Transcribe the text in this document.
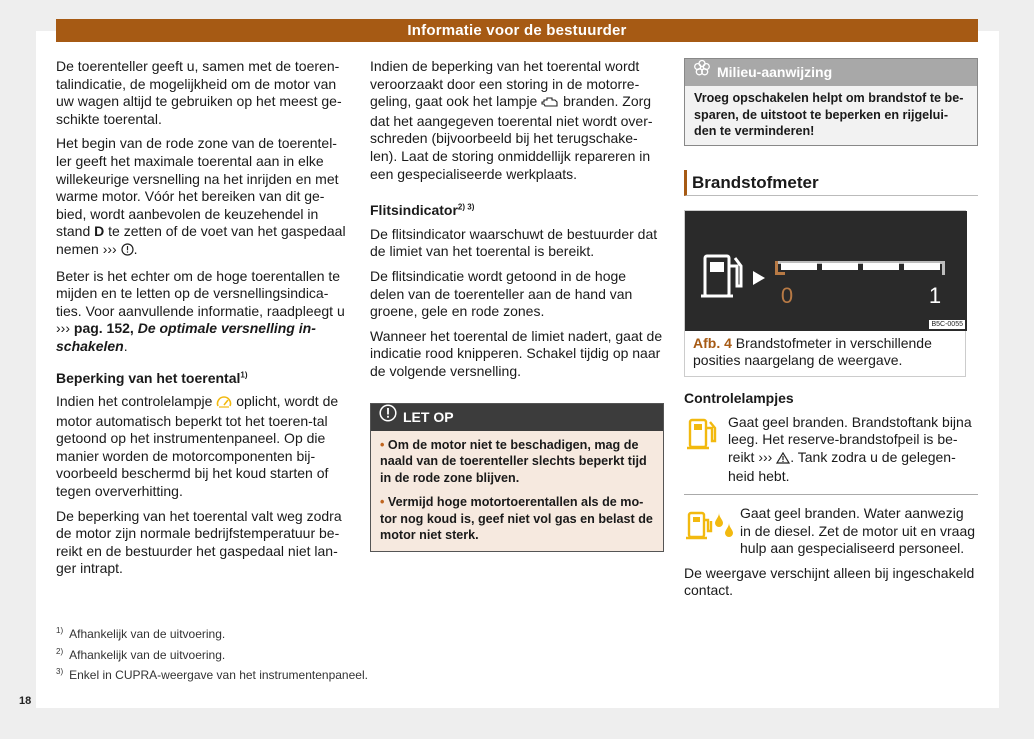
Informatie voor de bestuurder

De toerenteller geeft u, samen met de toeren-talindicatie, de mogelijkheid om de motor van uw wagen altijd te gebruiken op het meest ge-schikte toerental.

Het begin van de rode zone van de toerentel-ler geeft het maximale toerental aan in elke willekeurige versnelling na het inrijden en met warme motor. Vóór het bereiken van dit ge-bied, wordt aanbevolen de keuzehendel in stand D te zetten of de voet van het gaspedaal nemen ››› .

Beter is het echter om de hoge toerentallen te mijden en te letten op de versnellingsindica-ties. Voor aanvullende informatie, raadpleegt u ››› pag. 152, De optimale versnelling in-schakelen.

Beperking van het toerental$^{1)}$

Indien het controlelampje  oplicht, wordt de motor automatisch beperkt tot het toeren-tal getoond op het instrumentenpaneel. Op die manier worden de motorcomponenten bij-voorbeeld beschermd bij het koud starten of tegen oververhitting.

De beperking van het toerental valt weg zodra de motor zijn normale bedrijfstemperatuur be-reikt en de bestuurder het gaspedaal niet lan-ger intrapt.

Indien de beperking van het toerental wordt veroorzaakt door een storing in de motorre-geling, gaat ook het lampje  branden. Zorg dat het aangegeven toerental niet wordt over-schreden (bijvoorbeeld bij het terugschake-len). Laat de storing onmiddellijk repareren in een gespecialiseerde werkplaats.

Flitsindicator$^{2) 3)}$

De flitsindicator waarschuwt de bestuurder dat de limiet van het toerental is bereikt.

De flitsindicatie wordt getoond in de hoge delen van de toerenteller aan de hand van groene, gele en rode zones.

Wanneer het toerental de limiet nadert, gaat de indicatie rood knipperen. Schakel tijdig op naar de volgende versnelling.

LET OP
• Om de motor niet te beschadigen, mag de naald van de toerenteller slechts beperkt tijd in de rode zone blijven.
• Vermijd hoge motortoerentallen als de mo-tor nog koud is, geef niet vol gas en belast de motor niet sterk.
Milieu-aanwijzing
Vroeg opschakelen helpt om brandstof te be-sparen, de uitstoot te beperken en rijgelui-den te verminderen!
Brandstofmeter
0	1
B5C-0055
Afb. 4 Brandstofmeter in verschillende posities naargelang de weergave.
Controlelampjes
Gaat geel branden. Brandstoftank bijna leeg. Het reserve-brandstofpeil is be-reikt ››› . Tank zodra u de gelegen-heid hebt.
Gaat geel branden. Water aanwezig in de diesel. Zet de motor uit en vraag hulp aan gespecialiseerd personeel.

De weergave verschijnt alleen bij ingeschakeld contact.

1) Afhankelijk van de uitvoering.
2) Afhankelijk van de uitvoering.
3) Enkel in CUPRA-weergave van het instrumentenpaneel.
18
